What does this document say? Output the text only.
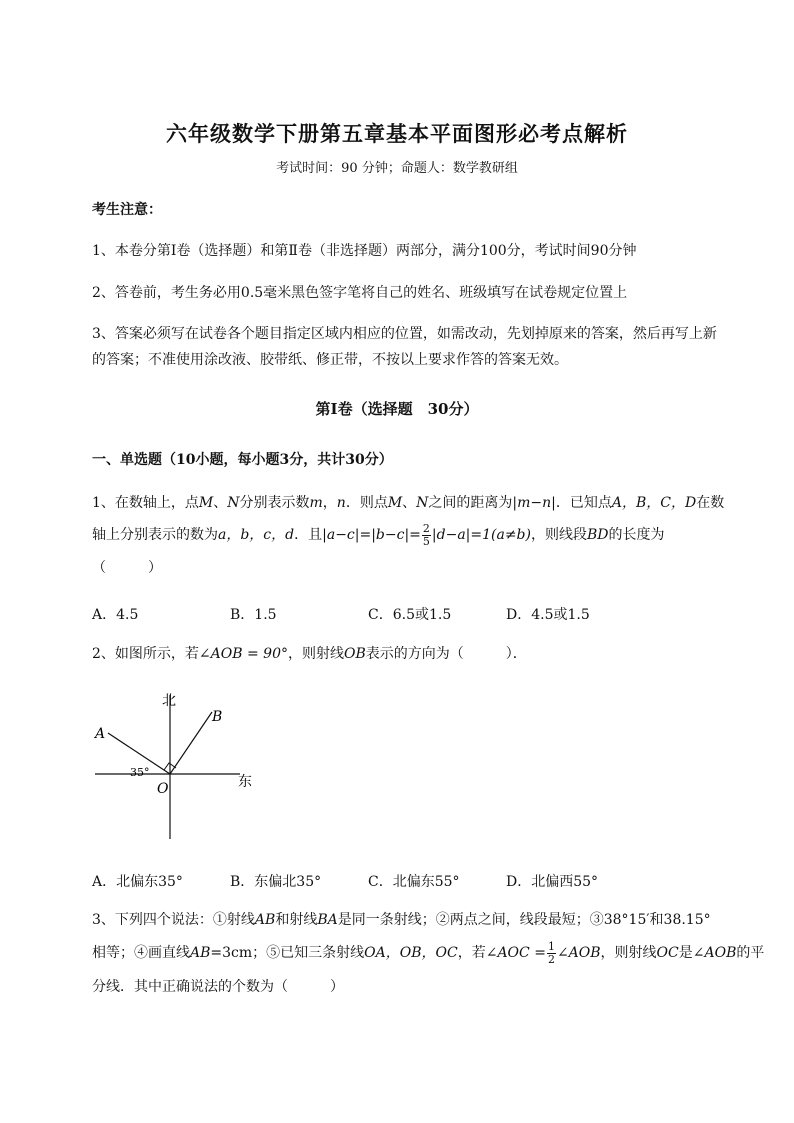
六年级数学下册第五章基本平面图形必考点解析
考试时间：90 分钟；命题人：数学教研组
考生注意：
1、本卷分第Ⅰ卷（选择题）和第Ⅱ卷（非选择题）两部分，满分100分，考试时间90分钟
2、答卷前，考生务必用0.5毫米黑色签字笔将自己的姓名、班级填写在试卷规定位置上
3、答案必须写在试卷各个题目指定区域内相应的位置，如需改动，先划掉原来的答案，然后再写上新
的答案；不准使用涂改液、胶带纸、修正带，不按以上要求作答的答案无效。
第Ⅰ卷（选择题　30分）
一、单选题（10小题，每小题3分，共计30分）
1、在数轴上，点M、N分别表示数m，n．则点M、N之间的距离为|m−n|．已知点A，B，C，D在数
轴上分别表示的数为a，b，c，d．且$|a-c|=|b-c|= \frac{2}{5} |d-a|=1(a\ne b)$，则线段BD的长度为
（　　　）
A．4.5	B．1.5	C．6.5或1.5	D．4.5或1.5
2、如图所示，若∠AOB = 90°，则射线OB表示的方向为（　　　）．
北
东
A
B
O
35°
A．北偏东35°	B．东偏北35°	C．北偏东55°	D．北偏西55°
3、下列四个说法：①射线AB和射线BA是同一条射线；②两点之间，线段最短；③38°15′和38.15°
相等；④画直线AB=3cm；⑤已知三条射线OA，OB，OC，若∠AOC = $\frac{1}{2}$ ∠AOB，则射线OC是∠AOB的平
分线．其中正确说法的个数为（　　　）
